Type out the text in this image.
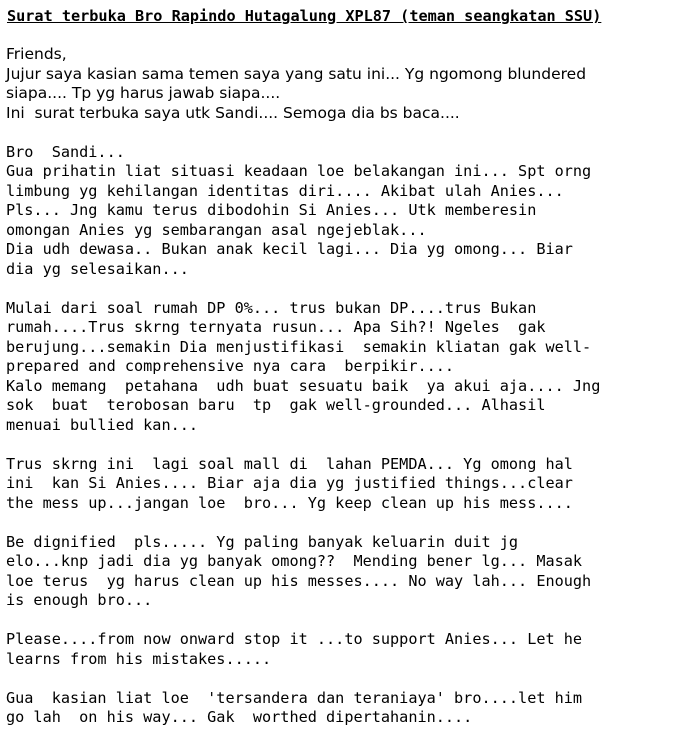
Surat terbuka Bro Rapindo Hutagalung XPL87 (teman seangkatan SSU)
Friends,
Jujur saya kasian sama temen saya yang satu ini... Yg ngomong blundered
siapa.... Tp yg harus jawab siapa....
Ini  surat terbuka saya utk Sandi.... Semoga dia bs baca....
Bro  Sandi...
Gua prihatin liat situasi keadaan loe belakangan ini... Spt orng
limbung yg kehilangan identitas diri.... Akibat ulah Anies...
Pls... Jng kamu terus dibodohin Si Anies... Utk memberesin
omongan Anies yg sembarangan asal ngejeblak...
Dia udh dewasa.. Bukan anak kecil lagi... Dia yg omong... Biar
dia yg selesaikan...
Mulai dari soal rumah DP 0%... trus bukan DP....trus Bukan
rumah....Trus skrng ternyata rusun... Apa Sih?! Ngeles  gak
berujung...semakin Dia menjustifikasi  semakin kliatan gak well-
prepared and comprehensive nya cara  berpikir....
Kalo memang  petahana  udh buat sesuatu baik  ya akui aja.... Jng
sok  buat  terobosan baru  tp  gak well-grounded... Alhasil
menuai bullied kan...
Trus skrng ini  lagi soal mall di  lahan PEMDA... Yg omong hal
ini  kan Si Anies.... Biar aja dia yg justified things...clear
the mess up...jangan loe  bro... Yg keep clean up his mess....
Be dignified  pls..... Yg paling banyak keluarin duit jg
elo...knp jadi dia yg banyak omong??  Mending bener lg... Masak
loe terus  yg harus clean up his messes.... No way lah... Enough
is enough bro...
Please....from now onward stop it ...to support Anies... Let he
learns from his mistakes.....
Gua  kasian liat loe  'tersandera dan teraniaya' bro....let him
go lah  on his way... Gak  worthed dipertahanin....
